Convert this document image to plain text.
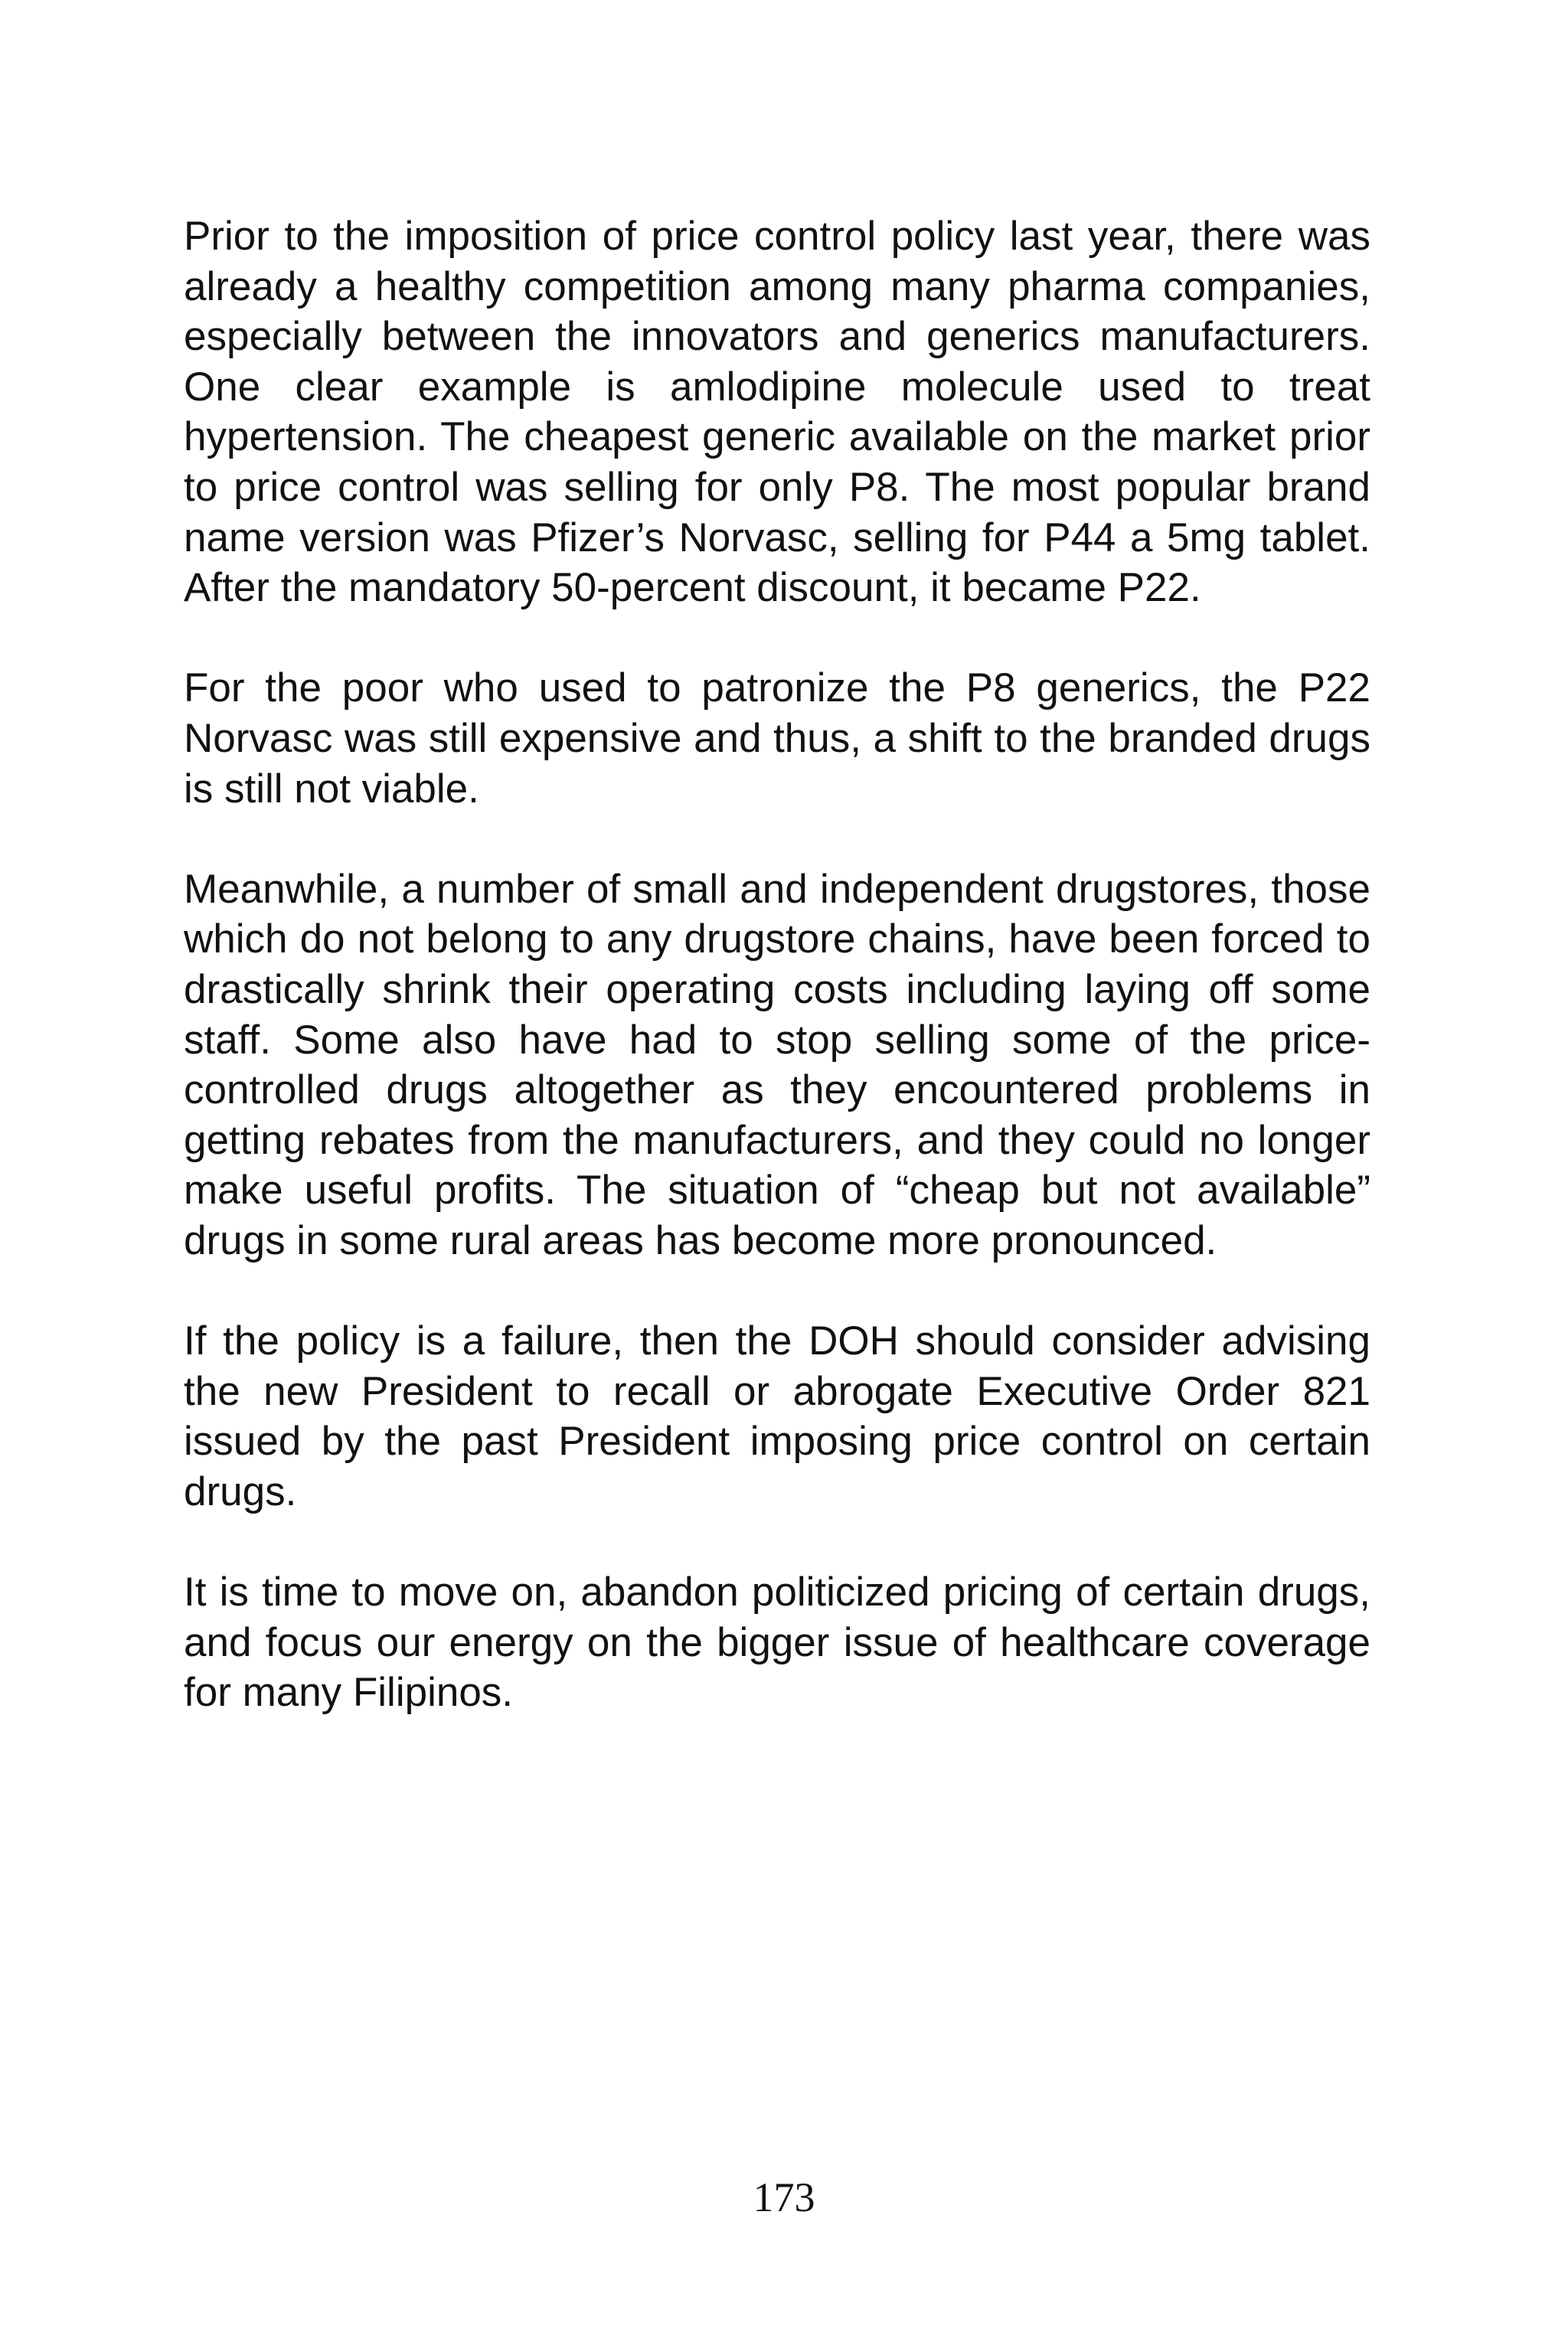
Prior to the imposition of price control policy last year, there was already a healthy competition among many pharma companies, especially between the innovators and generics manufacturers. One clear example is amlodipine molecule used to treat hypertension. The cheapest generic available on the market prior to price control was selling for only P8. The most popular brand name version was Pfizer’s Norvasc, selling for P44 a 5mg tablet. After the mandatory 50-percent discount, it became P22.

For the poor who used to patronize the P8 generics, the P22 Norvasc was still expensive and thus, a shift to the branded drugs is still not viable.

Meanwhile, a number of small and independent drugstores, those which do not belong to any drugstore chains, have been forced to drastically shrink their operating costs including laying off some staff. Some also have had to stop selling some of the price-controlled drugs altogether as they encountered problems in getting rebates from the manufacturers, and they could no longer make useful profits. The situation of “cheap but not available” drugs in some rural areas has become more pronounced.

If the policy is a failure, then the DOH should consider advising the new President to recall or abrogate Executive Order 821 issued by the past President imposing price control on certain drugs.

It is time to move on, abandon politicized pricing of certain drugs, and focus our energy on the bigger issue of healthcare coverage for many Filipinos.

173
